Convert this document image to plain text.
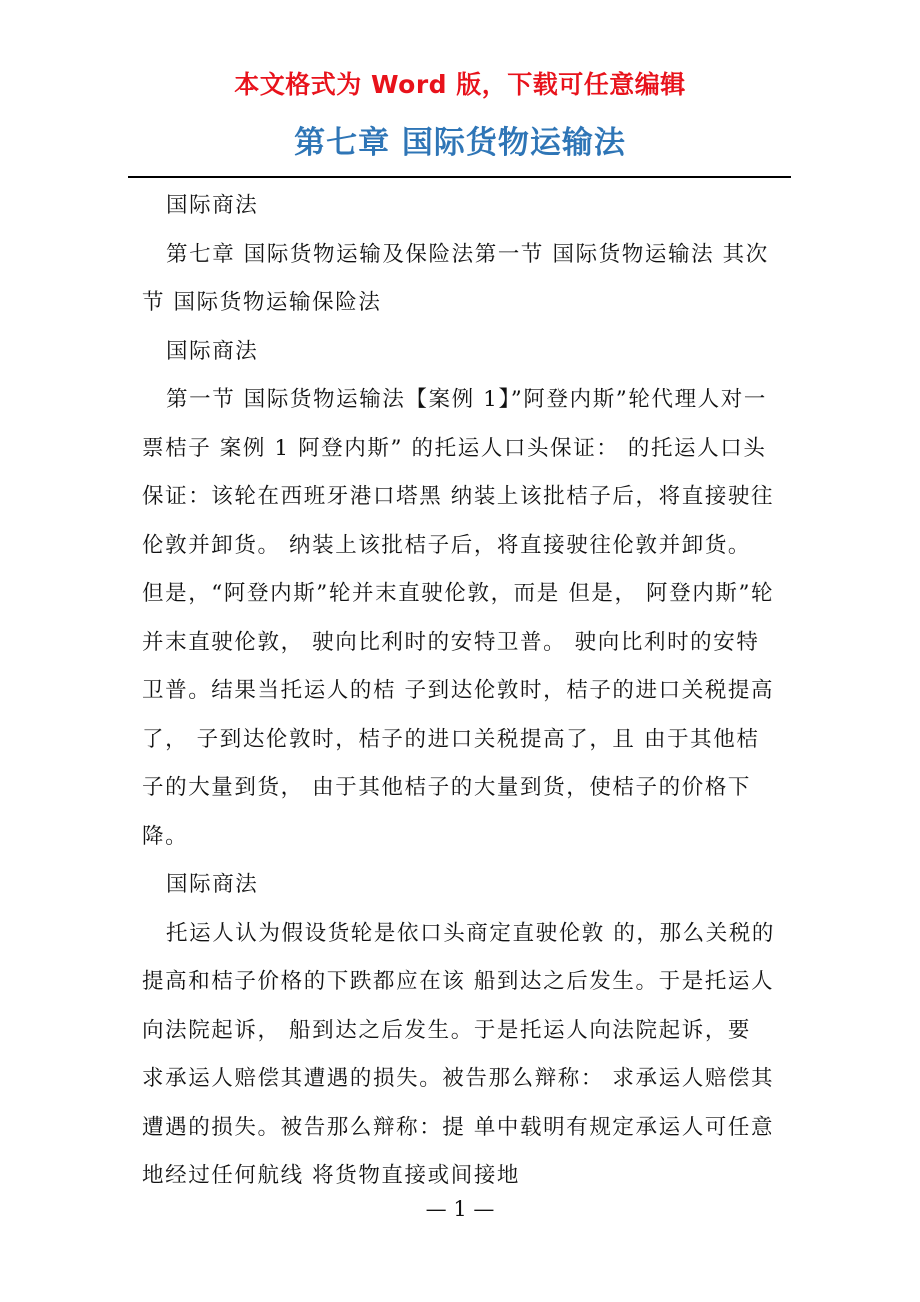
本文格式为 Word 版，下载可任意编辑
第七章 国际货物运输法

国际商法

第七章 国际货物运输及保险法第一节 国际货物运输法 其次节 国际货物运输保险法

国际商法

第一节 国际货物运输法【案例 1】”阿登内斯”轮代理人对一票桔子 案例 1 阿登内斯” 的托运人口头保证： 的托运人口头保证：该轮在西班牙港口塔黑 纳装上该批桔子后，将直接驶往伦敦并卸货。 纳装上该批桔子后，将直接驶往伦敦并卸货。 但是，“阿登内斯”轮并末直驶伦敦，而是 但是， 阿登内斯”轮并末直驶伦敦， 驶向比利时的安特卫普。 驶向比利时的安特卫普。结果当托运人的桔 子到达伦敦时，桔子的进口关税提高了， 子到达伦敦时，桔子的进口关税提高了，且 由于其他桔子的大量到货， 由于其他桔子的大量到货，使桔子的价格下 降。

国际商法

托运人认为假设货轮是依口头商定直驶伦敦 的，那么关税的提高和桔子价格的下跌都应在该 船到达之后发生。于是托运人向法院起诉， 船到达之后发生。于是托运人向法院起诉，要 求承运人赔偿其遭遇的损失。被告那么辩称： 求承运人赔偿其遭遇的损失。被告那么辩称：提 单中载明有规定承运人可任意地经过任何航线 将货物直接或间接地

— 1 —
